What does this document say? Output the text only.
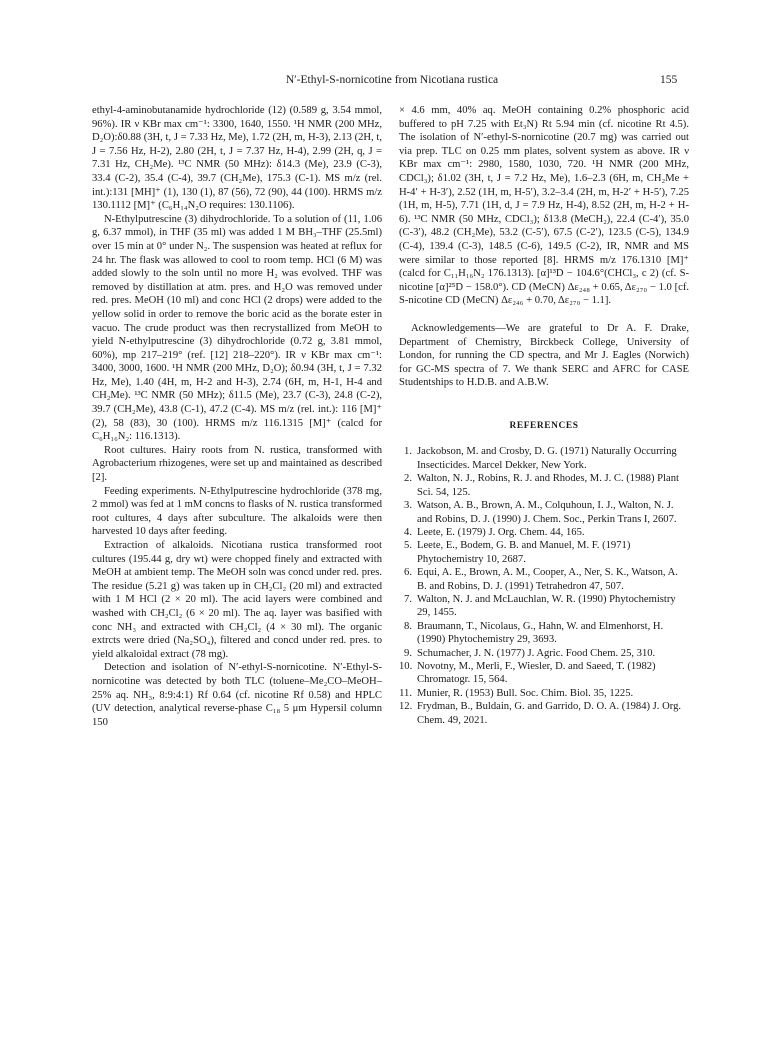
N′-Ethyl-S-nornicotine from Nicotiana rustica	155

ethyl-4-aminobutanamide hydrochloride (12) (0.589 g, 3.54 mmol, 96%). IR ν KBr max cm⁻¹: 3300, 1640, 1550. ¹H NMR (200 MHz, D₂O):δ0.88 (3H, t, J = 7.33 Hz, Me), 1.72 (2H, m, H-3), 2.13 (2H, t, J = 7.56 Hz, H-2), 2.80 (2H, t, J = 7.37 Hz, H-4), 2.99 (2H, q, J = 7.31 Hz, CH₂Me). ¹³C NMR (50 MHz): δ14.3 (Me), 23.9 (C-3), 33.4 (C-2), 35.4 (C-4), 39.7 (CH₂Me), 175.3 (C-1). MS m/z (rel. int.):131 [MH]⁺ (1), 130 (1), 87 (56), 72 (90), 44 (100). HRMS m/z 130.1112 [M]⁺ (C₆H₁₄N₂O requires: 130.1106).

N-Ethylputrescine (3) dihydrochloride. To a solution of (11, 1.06 g, 6.37 mmol), in THF (35 ml) was added 1 M BH₃–THF (25.5ml) over 15 min at 0° under N₂. The suspension was heated at reflux for 24 hr. The flask was allowed to cool to room temp. HCl (6 M) was added slowly to the soln until no more H₂ was evolved. THF was removed by distillation at atm. pres. and H₂O was removed under red. pres. MeOH (10 ml) and conc HCl (2 drops) were added to the yellow solid in order to remove the boric acid as the borate ester in vacuo. The crude product was then recrystallized from MeOH to yield N-ethylputrescine (3) dihydrochloride (0.72 g, 3.81 mmol, 60%), mp 217–219° (ref. [12] 218–220°). IR ν KBr max cm⁻¹: 3400, 3000, 1600. ¹H NMR (200 MHz, D₂O); δ0.94 (3H, t, J = 7.32 Hz, Me), 1.40 (4H, m, H-2 and H-3), 2.74 (6H, m, H-1, H-4 and CH₂Me). ¹³C NMR (50 MHz); δ11.5 (Me), 23.7 (C-3), 24.8 (C-2), 39.7 (CH₂Me), 43.8 (C-1), 47.2 (C-4). MS m/z (rel. int.): 116 [M]⁺ (2), 58 (83), 30 (100). HRMS m/z 116.1315 [M]⁺ (calcd for C₆H₁₆N₂: 116.1313).

Root cultures. Hairy roots from N. rustica, transformed with Agrobacterium rhizogenes, were set up and maintained as described [2].

Feeding experiments. N-Ethylputrescine hydrochloride (378 mg, 2 mmol) was fed at 1 mM concns to flasks of N. rustica transformed root cultures, 4 days after subculture. The alkaloids were then harvested 10 days after feeding.

Extraction of alkaloids. Nicotiana rustica transformed root cultures (195.44 g, dry wt) were chopped finely and extracted with MeOH at ambient temp. The MeOH soln was concd under red. pres. The residue (5.21 g) was taken up in CH₂Cl₂ (20 ml) and extracted with 1 M HCl (2 × 20 ml). The acid layers were combined and washed with CH₂Cl₂ (6 × 20 ml). The aq. layer was basified with conc NH₃ and extracted with CH₂Cl₂ (4 × 30 ml). The organic extrcts were dried (Na₂SO₄), filtered and concd under red. pres. to yield alkaloidal extract (78 mg).

Detection and isolation of N′-ethyl-S-nornicotine. N′-Ethyl-S-nornicotine was detected by both TLC (toluene–Me₂CO–MeOH–25% aq. NH₃, 8:9:4:1) Rf 0.64 (cf. nicotine Rf 0.58) and HPLC (UV detection, analytical reverse-phase C₁₈ 5 μm Hypersil column 150

× 4.6 mm, 40% aq. MeOH containing 0.2% phosphoric acid buffered to pH 7.25 with Et₃N) Rt 5.94 min (cf. nicotine Rt 4.5). The isolation of N′-ethyl-S-nornicotine (20.7 mg) was carried out via prep. TLC on 0.25 mm plates, solvent system as above. IR ν KBr max cm⁻¹: 2980, 1580, 1030, 720. ¹H NMR (200 MHz, CDCl₃); δ1.02 (3H, t, J = 7.2 Hz, Me), 1.6–2.3 (6H, m, CH₂Me + H-4′ + H-3′), 2.52 (1H, m, H-5′), 3.2–3.4 (2H, m, H-2′ + H-5′), 7.25 (1H, m, H-5), 7.71 (1H, d, J = 7.9 Hz, H-4), 8.52 (2H, m, H-2 + H-6). ¹³C NMR (50 MHz, CDCl₃); δ13.8 (MeCH₂), 22.4 (C-4′), 35.0 (C-3′), 48.2 (CH₂Me), 53.2 (C-5′), 67.5 (C-2′), 123.5 (C-5), 134.9 (C-4), 139.4 (C-3), 148.5 (C-6), 149.5 (C-2), IR, NMR and MS were similar to those reported [8]. HRMS m/z 176.1310 [M]⁺ (calcd for C₁₁H₁₆N₂ 176.1313). [α]¹³D − 104.6°(CHCl₃, c 2) (cf. S-nicotine [α]²⁵D − 158.0°). CD (MeCN) Δε₂₄₈ + 0.65, Δε₂₇₀ − 1.0 [cf. S-nicotine CD (MeCN) Δε₂₄₆ + 0.70, Δε₂₇₀ − 1.1].

Acknowledgements—We are grateful to Dr A. F. Drake, Department of Chemistry, Birckbeck College, University of London, for running the CD spectra, and Mr J. Eagles (Norwich) for GC-MS spectra of 7. We thank SERC and AFRC for CASE Studentships to H.D.B. and A.B.W.

REFERENCES
1. Jackobson, M. and Crosby, D. G. (1971) Naturally Occurring Insecticides. Marcel Dekker, New York.
2. Walton, N. J., Robins, R. J. and Rhodes, M. J. C. (1988) Plant Sci. 54, 125.
3. Watson, A. B., Brown, A. M., Colquhoun, I. J., Walton, N. J. and Robins, D. J. (1990) J. Chem. Soc., Perkin Trans I, 2607.
4. Leete, E. (1979) J. Org. Chem. 44, 165.
5. Leete, E., Bodem, G. B. and Manuel, M. F. (1971) Phytochemistry 10, 2687.
6. Equi, A. E., Brown, A. M., Cooper, A., Ner, S. K., Watson, A. B. and Robins, D. J. (1991) Tetrahedron 47, 507.
7. Walton, N. J. and McLauchlan, W. R. (1990) Phytochemistry 29, 1455.
8. Braumann, T., Nicolaus, G., Hahn, W. and Elmenhorst, H. (1990) Phytochemistry 29, 3693.
9. Schumacher, J. N. (1977) J. Agric. Food Chem. 25, 310.
10. Novotny, M., Merli, F., Wiesler, D. and Saeed, T. (1982) Chromatogr. 15, 564.
11. Munier, R. (1953) Bull. Soc. Chim. Biol. 35, 1225.
12. Frydman, B., Buldain, G. and Garrido, D. O. A. (1984) J. Org. Chem. 49, 2021.
